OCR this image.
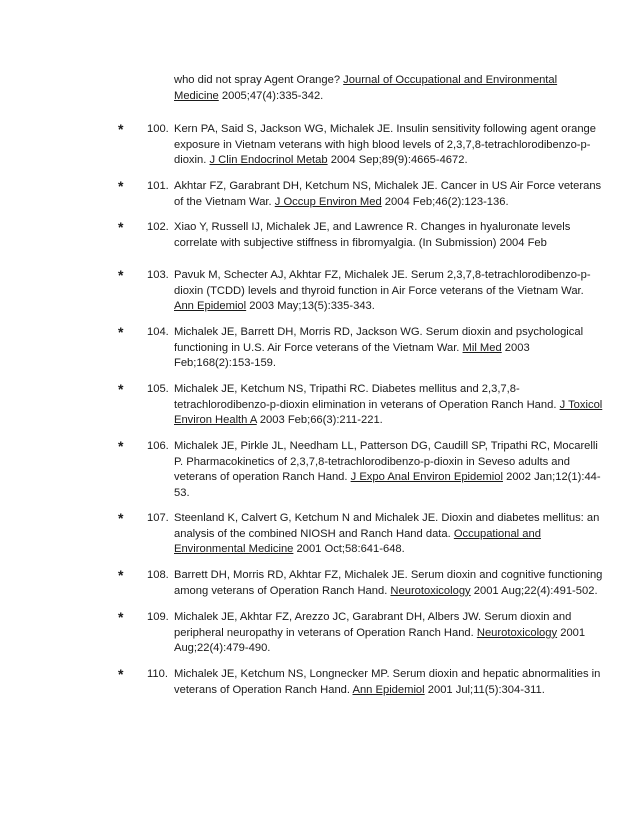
who did not spray Agent Orange? Journal of Occupational and Environmental
Medicine 2005;47(4):335-342.
* 100. Kern PA, Said S, Jackson WG, Michalek JE. Insulin sensitivity following agent orange
exposure in Vietnam veterans with high blood levels of 2,3,7,8-tetrachlorodibenzo-p-
dioxin. J Clin Endocrinol Metab 2004 Sep;89(9):4665-4672.
* 101. Akhtar FZ, Garabrant DH, Ketchum NS, Michalek JE. Cancer in US Air Force veterans
of the Vietnam War. J Occup Environ Med 2004 Feb;46(2):123-136.
* 102. Xiao Y, Russell IJ, Michalek JE, and Lawrence R. Changes in hyaluronate levels
correlate with subjective stiffness in fibromyalgia. (In Submission) 2004 Feb
* 103. Pavuk M, Schecter AJ, Akhtar FZ, Michalek JE. Serum 2,3,7,8-tetrachlorodibenzo-p-
dioxin (TCDD) levels and thyroid function in Air Force veterans of the Vietnam War.
Ann Epidemiol 2003 May;13(5):335-343.
* 104. Michalek JE, Barrett DH, Morris RD, Jackson WG. Serum dioxin and psychological
functioning in U.S. Air Force veterans of the Vietnam War. Mil Med 2003
Feb;168(2):153-159.
* 105. Michalek JE, Ketchum NS, Tripathi RC. Diabetes mellitus and 2,3,7,8-
tetrachlorodibenzo-p-dioxin elimination in veterans of Operation Ranch Hand. J Toxicol
Environ Health A 2003 Feb;66(3):211-221.
* 106. Michalek JE, Pirkle JL, Needham LL, Patterson DG, Caudill SP, Tripathi RC, Mocarelli
P. Pharmacokinetics of 2,3,7,8-tetrachlorodibenzo-p-dioxin in Seveso adults and
veterans of operation Ranch Hand. J Expo Anal Environ Epidemiol 2002 Jan;12(1):44-
53.
* 107. Steenland K, Calvert G, Ketchum N and Michalek JE. Dioxin and diabetes mellitus: an
analysis of the combined NIOSH and Ranch Hand data. Occupational and
Environmental Medicine 2001 Oct;58:641-648.
* 108. Barrett DH, Morris RD, Akhtar FZ, Michalek JE. Serum dioxin and cognitive functioning
among veterans of Operation Ranch Hand. Neurotoxicology 2001 Aug;22(4):491-502.
* 109. Michalek JE, Akhtar FZ, Arezzo JC, Garabrant DH, Albers JW. Serum dioxin and
peripheral neuropathy in veterans of Operation Ranch Hand. Neurotoxicology 2001
Aug;22(4):479-490.
* 110. Michalek JE, Ketchum NS, Longnecker MP. Serum dioxin and hepatic abnormalities in
veterans of Operation Ranch Hand. Ann Epidemiol 2001 Jul;11(5):304-311.
